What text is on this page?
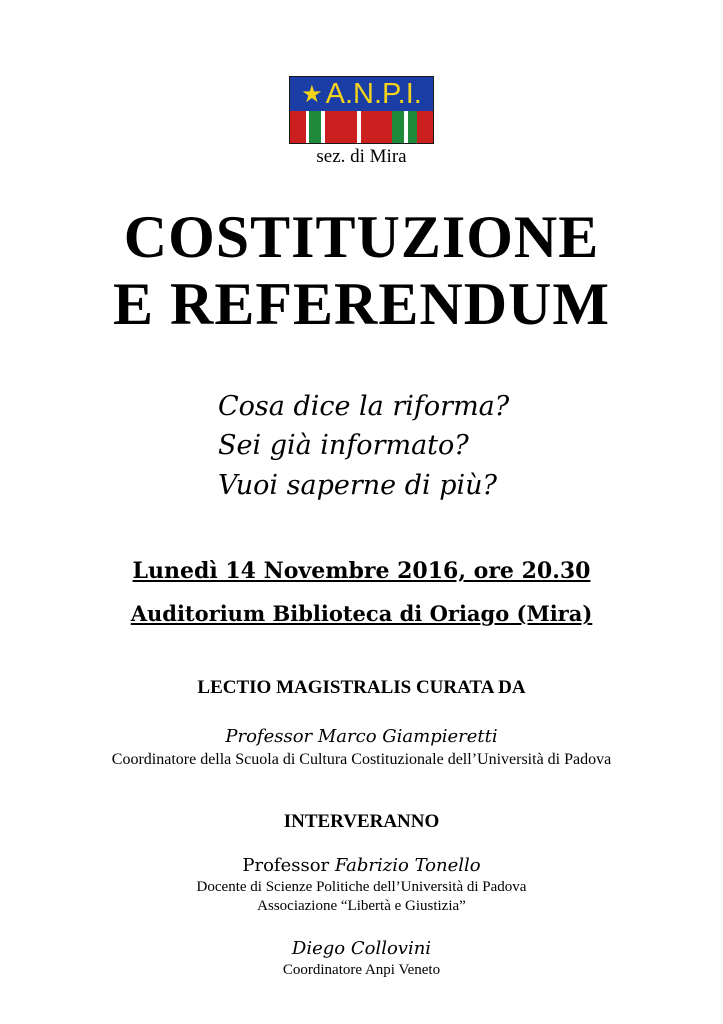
★ A.N.P.I.
sez. di Mira
COSTITUZIONE
E REFERENDUM
Cosa dice la riforma?
Sei già informato?
Vuoi saperne di più?
Lunedì 14 Novembre 2016, ore 20.30
Auditorium Biblioteca di Oriago (Mira)
LECTIO MAGISTRALIS CURATA DA
Professor Marco Giampieretti
Coordinatore della Scuola di Cultura Costituzionale dell’Università di Padova
INTERVERANNO
Professor Fabrizio Tonello
Docente di Scienze Politiche dell’Università di Padova
Associazione “Libertà e Giustizia”
Diego Collovini
Coordinatore Anpi Veneto
